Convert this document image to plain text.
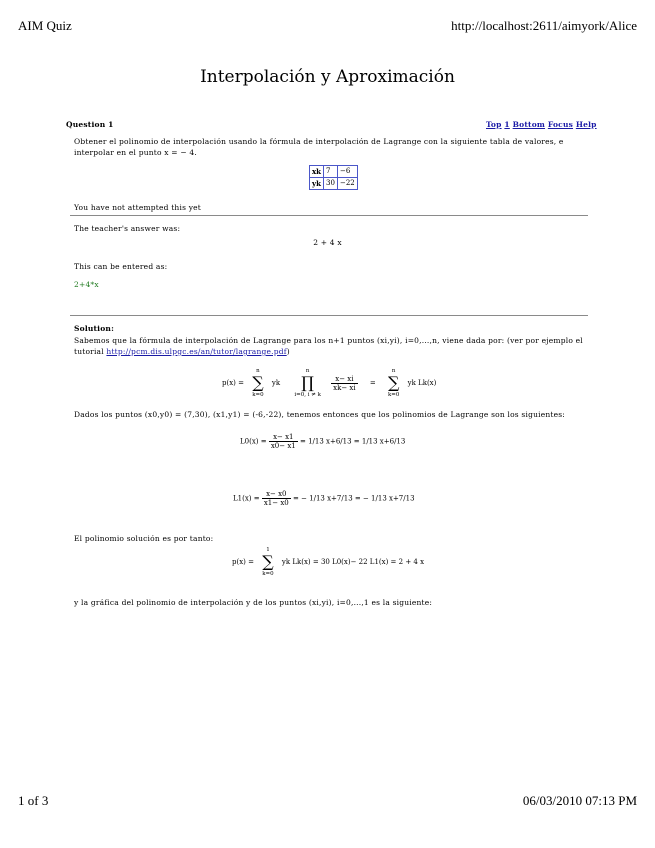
AIM Quiz	http://localhost:2611/aimyork/Alice
Interpolación y Aproximación
Question 1	Top 1 Bottom Focus Help
Obtener el polinomio de interpolación usando la fórmula de interpolación de Lagrange con la siguiente tabla de valores, e
interpolar en el punto x = − 4.
xk	7	−6
yk	30	−22
You have not attempted this yet
The teacher's answer was:
2 + 4 x
This can be entered as:
2+4*x
Solution:
Sabemos que la fórmula de interpolación de Lagrange para los n+1 puntos (xi,yi), i=0,...,n, viene dada por: (ver por ejemplo el
tutorial http://pcm.dis.ulpgc.es/an/tutor/lagrange.pdf)
p(x) =
n
∑
k=0
yk
n
∏
i=0, i ≠ k

$\frac{x- xi}{xk- xi}$ =
n
∑
k=0
yk Lk(x)
Dados los puntos (x0,y0) = (7,30), (x1,y1) = (-6,-22), tenemos entonces que los polinomios de Lagrange son los siguientes:
$L0(x) = \frac{x- x1}{x0- x1} = 1/13$ x+6/13 = 1/13 x+6/13
$L1(x) = \frac{x- x0}{x1- x0}$ = − 1/13 x+7/13 = − 1/13 x+7/13
El polinomio solución es por tanto:
p(x) =
1
∑
k=0
yk Lk(x) = 30 L0(x)− 22 L1(x) = 2 + 4 x
y la gráfica del polinomio de interpolación y de los puntos (xi,yi), i=0,...,1 es la siguiente:
1 of 3	06/03/2010 07:13 PM
